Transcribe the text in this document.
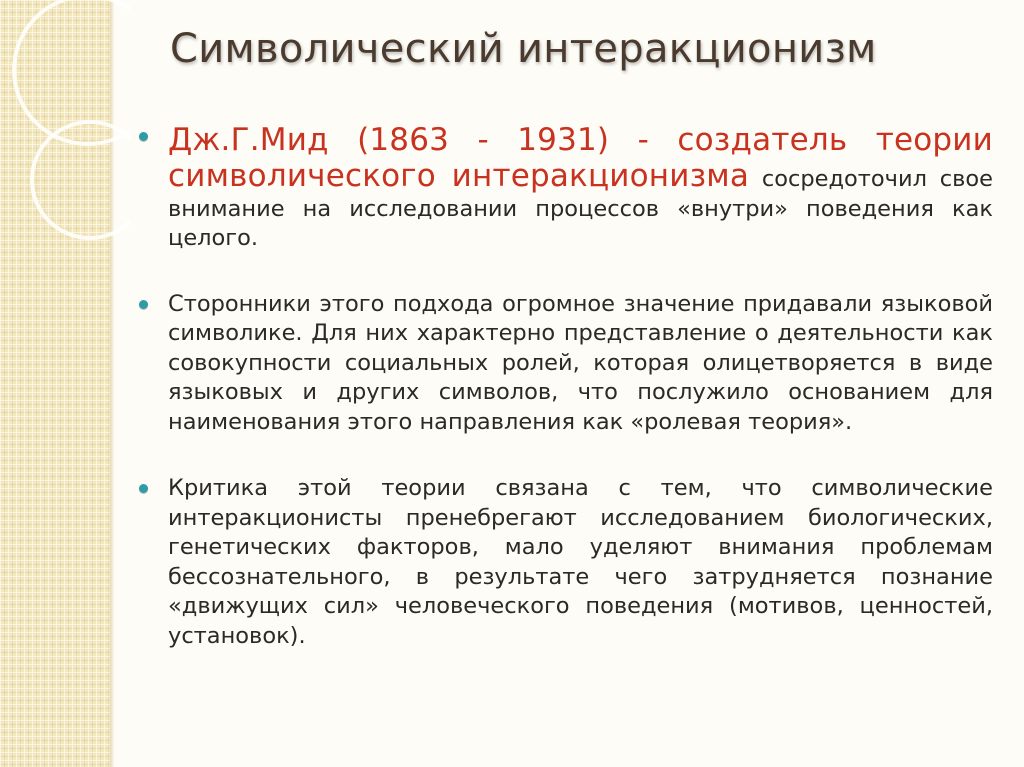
Символический интеракционизм
Дж.Г.Мид (1863 - 1931) - создатель теории
символического интеракционизма сосредоточил свое внимание на исследовании процессов «внутри» поведения как целого.
Сторонники этого подхода огромное значение придавали языковой символике. Для них характерно представление о деятельности как совокупности социальных ролей, которая олицетворяется в виде языковых и других символов, что послужило основанием для наименования этого направления как «ролевая теория».
Критика этой теории связана с тем, что символические интеракционисты пренебрегают исследованием биологических, генетических факторов, мало уделяют внимания проблемам бессознательного, в результате чего затрудняется познание «движущих сил» человеческого поведения (мотивов, ценностей, установок).
